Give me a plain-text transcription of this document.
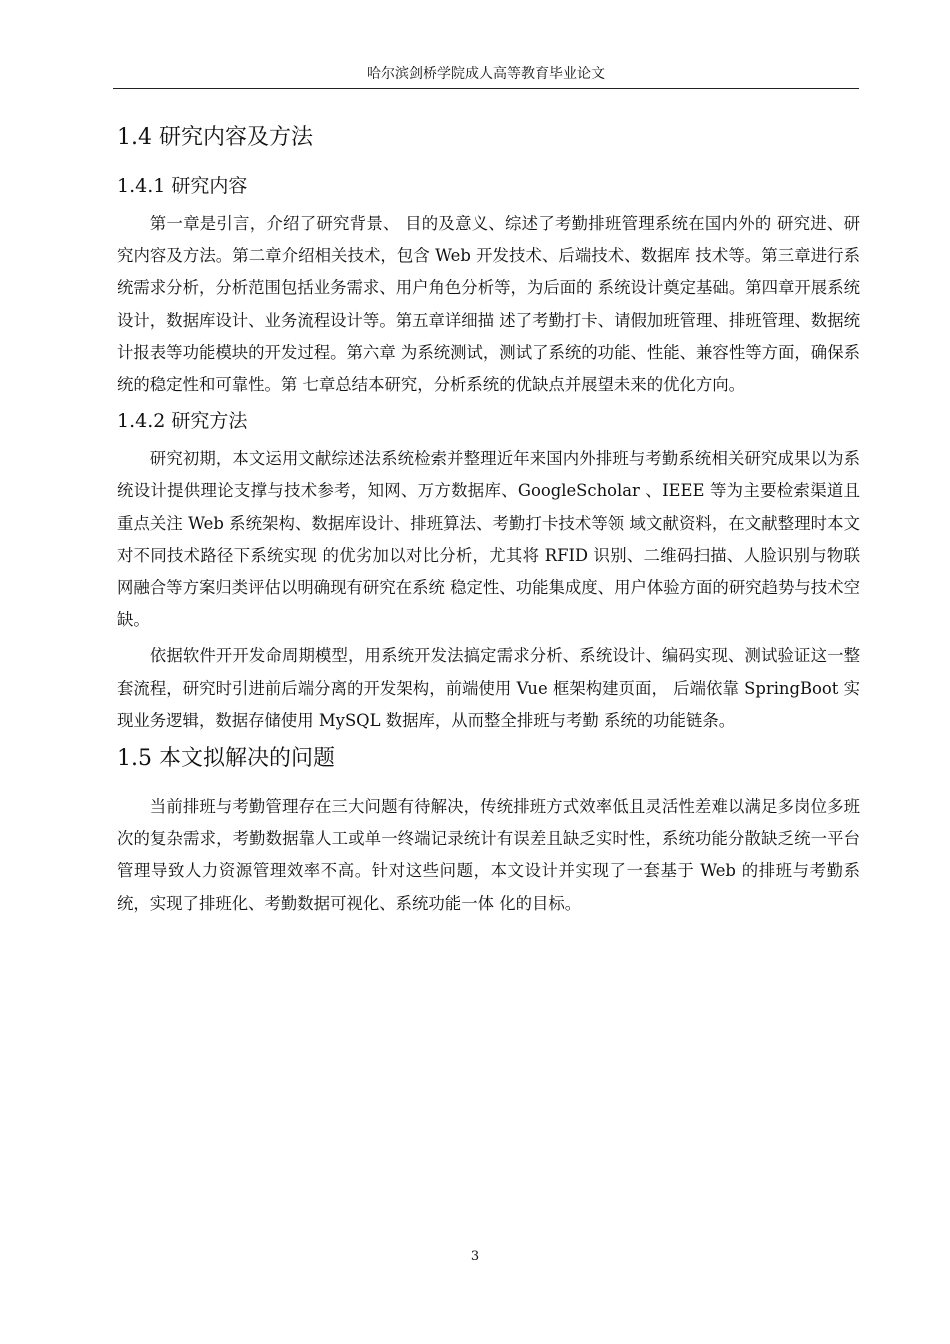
哈尔滨剑桥学院成人高等教育毕业论文
1.4 研究内容及方法
1.4.1 研究内容

第一章是引言，介绍了研究背景、 目的及意义、综述了考勤排班管理系统在国内外的 研究进、研究内容及方法。第二章介绍相关技术，包含 Web 开发技术、后端技术、数据库 技术等。第三章进行系统需求分析，分析范围包括业务需求、用户角色分析等，为后面的 系统设计奠定基础。第四章开展系统设计，数据库设计、业务流程设计等。第五章详细描 述了考勤打卡、请假加班管理、排班管理、数据统计报表等功能模块的开发过程。第六章 为系统测试，测试了系统的功能、性能、兼容性等方面，确保系统的稳定性和可靠性。第 七章总结本研究，分析系统的优缺点并展望未来的优化方向。

1.4.2 研究方法

研究初期，本文运用文献综述法系统检索并整理近年来国内外排班与考勤系统相关研究成果以为系统设计提供理论支撑与技术参考，知网、万方数据库、GoogleScholar 、IEEE 等为主要检索渠道且重点关注 Web 系统架构、数据库设计、排班算法、考勤打卡技术等领 域文献资料，在文献整理时本文对不同技术路径下系统实现 的优劣加以对比分析，尤其将 RFID 识别、二维码扫描、人脸识别与物联网融合等方案归类评估以明确现有研究在系统 稳定性、功能集成度、用户体验方面的研究趋势与技术空缺。

依据软件开开发命周期模型，用系统开发法搞定需求分析、系统设计、编码实现、测试验证这一整套流程，研究时引进前后端分离的开发架构，前端使用 Vue 框架构建页面， 后端依靠 SpringBoot 实现业务逻辑，数据存储使用 MySQL 数据库，从而整全排班与考勤 系统的功能链条。

1.5 本文拟解决的问题

当前排班与考勤管理存在三大问题有待解决，传统排班方式效率低且灵活性差难以满足多岗位多班次的复杂需求，考勤数据靠人工或单一终端记录统计有误差且缺乏实时性，系统功能分散缺乏统一平台管理导致人力资源管理效率不高。针对这些问题，本文设计并实现了一套基于 Web 的排班与考勤系统，实现了排班化、考勤数据可视化、系统功能一体 化的目标。

3
